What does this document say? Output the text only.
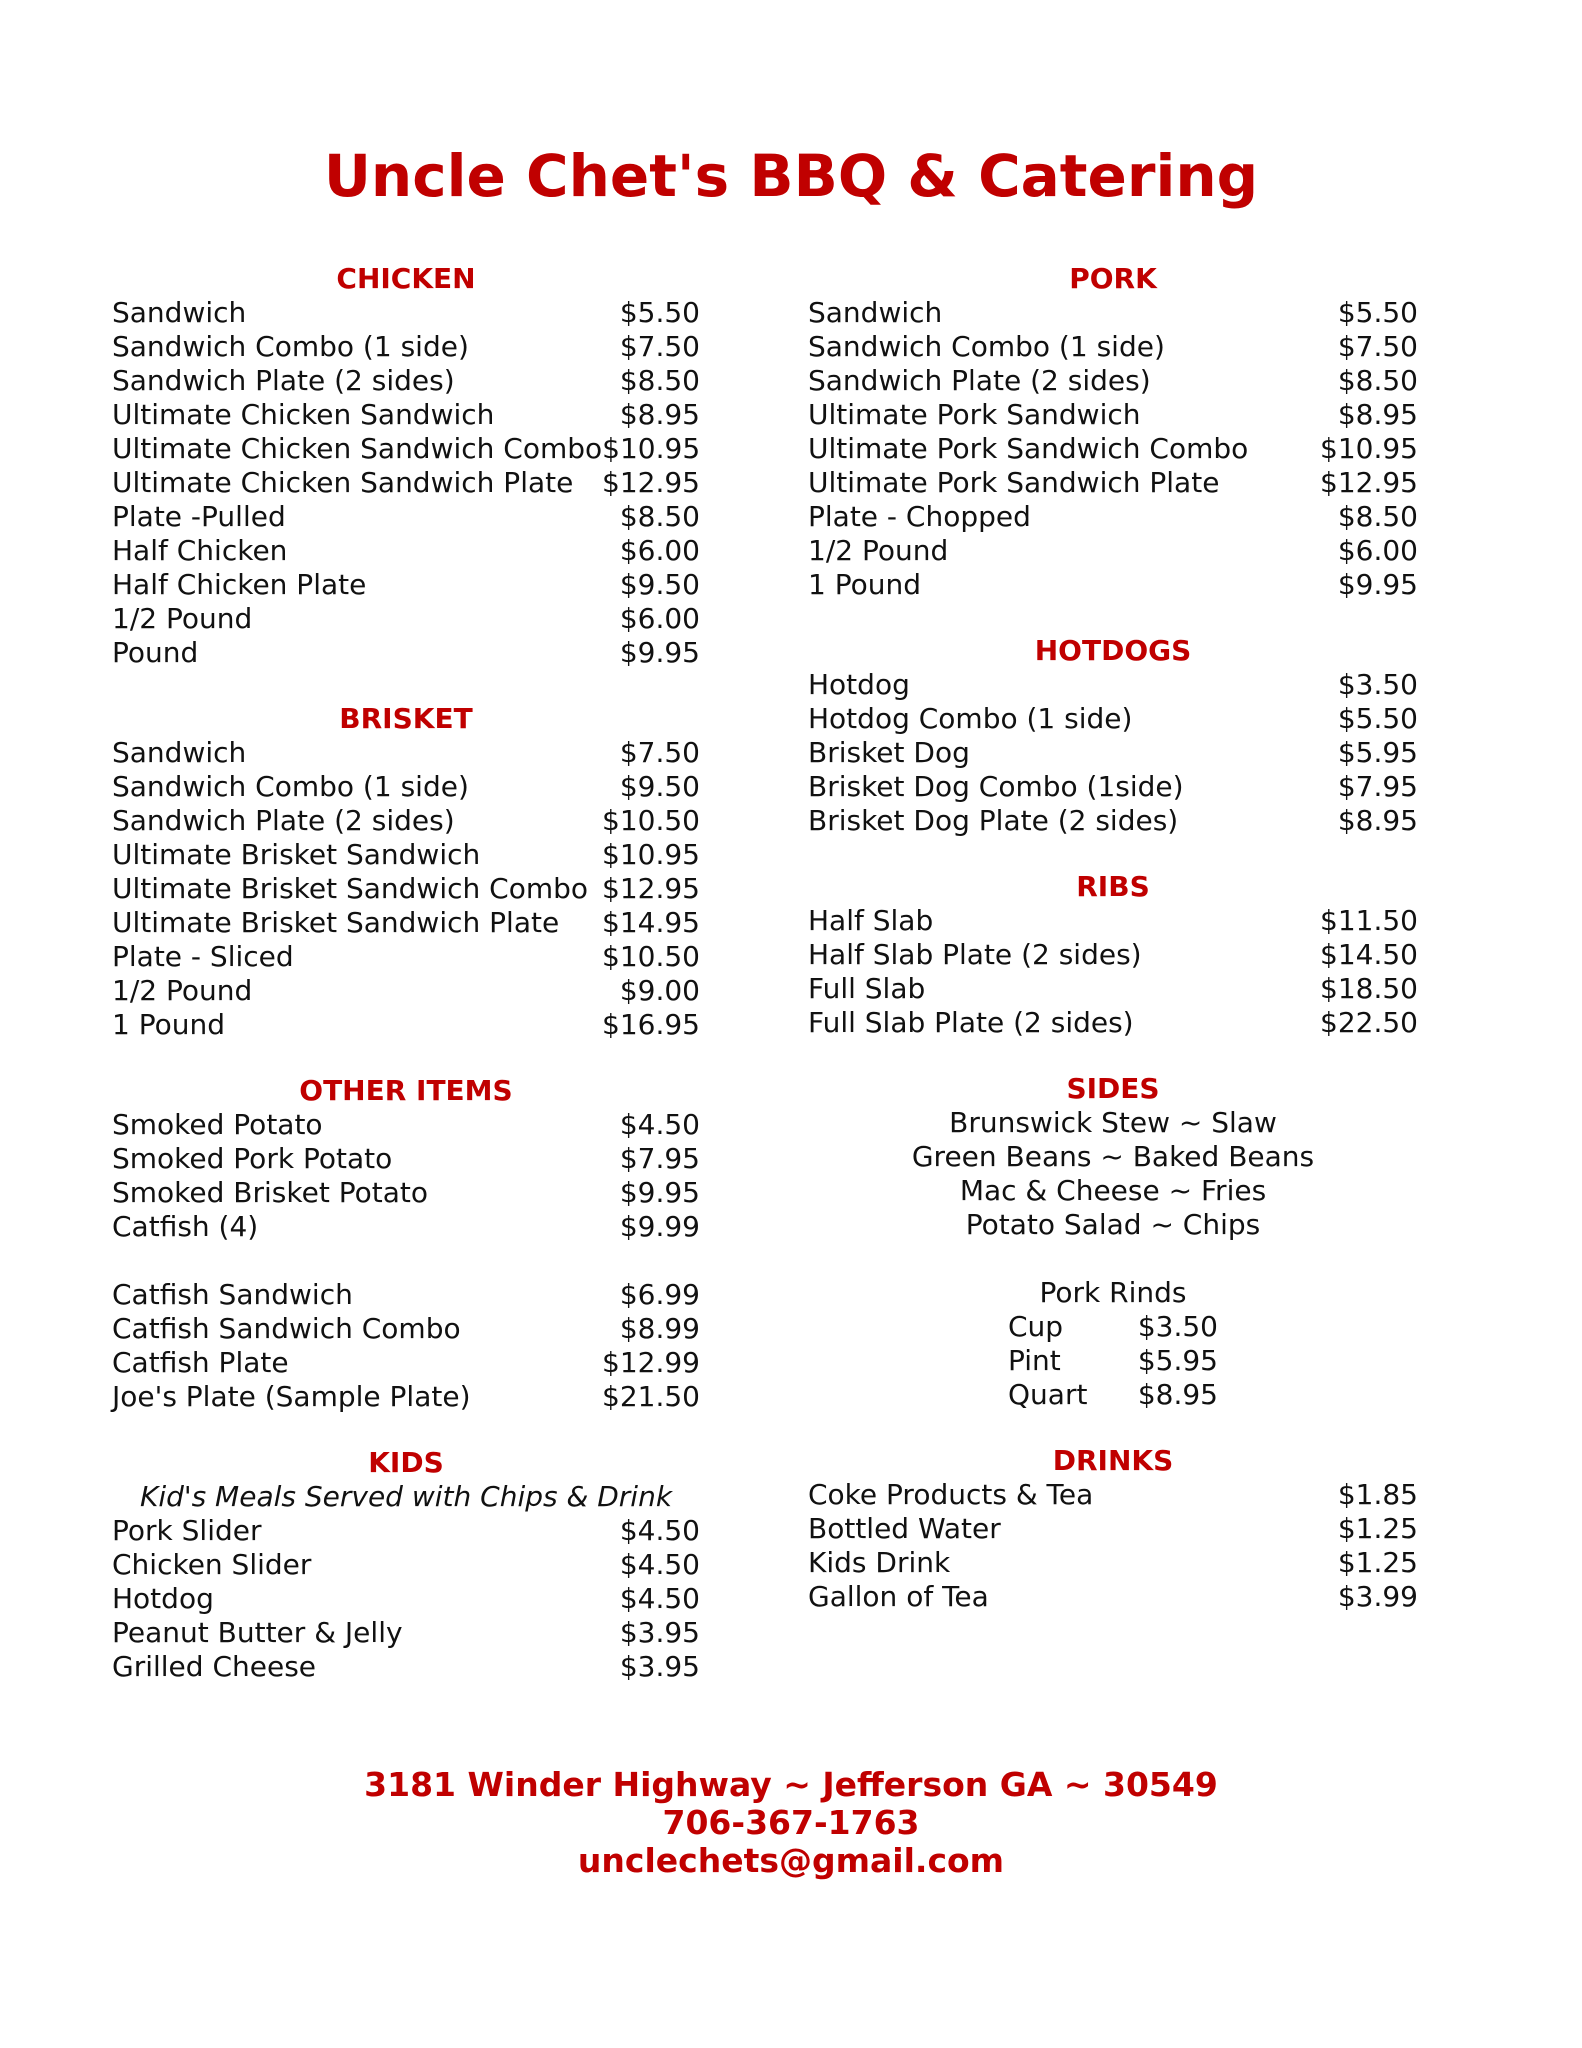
Uncle Chet's BBQ & Catering
CHICKEN
Sandwich	$5.50
Sandwich Combo (1 side)	$7.50
Sandwich Plate (2 sides)	$8.50
Ultimate Chicken Sandwich	$8.95
Ultimate Chicken Sandwich Combo $10.95
Ultimate Chicken Sandwich Plate	$12.95
Plate -Pulled	$8.50
Half Chicken	$6.00
Half Chicken Plate	$9.50
1/2 Pound	$6.00
Pound	$9.95
BRISKET
Sandwich	$7.50
Sandwich Combo (1 side)	$9.50
Sandwich Plate (2 sides)	$10.50
Ultimate Brisket Sandwich	$10.95
Ultimate Brisket Sandwich Combo $12.95
Ultimate Brisket Sandwich Plate	$14.95
Plate - Sliced	$10.50
1/2 Pound	$9.00
1 Pound	$16.95
OTHER ITEMS
Smoked Potato	$4.50
Smoked Pork Potato	$7.95
Smoked Brisket Potato	$9.95
Catfish (4)	$9.99
Catfish Sandwich	$6.99
Catfish Sandwich Combo	$8.99
Catfish Plate	$12.99
Joe's Plate (Sample Plate)	$21.50
KIDS
Kid's Meals Served with Chips & Drink
Pork Slider	$4.50
Chicken Slider	$4.50
Hotdog	$4.50
Peanut Butter & Jelly	$3.95
Grilled Cheese	$3.95
PORK
Sandwich	$5.50
Sandwich Combo (1 side)	$7.50
Sandwich Plate (2 sides)	$8.50
Ultimate Pork Sandwich	$8.95
Ultimate Pork Sandwich Combo	$10.95
Ultimate Pork Sandwich Plate	$12.95
Plate - Chopped	$8.50
1/2 Pound	$6.00
1 Pound	$9.95
HOTDOGS
Hotdog	$3.50
Hotdog Combo (1 side)	$5.50
Brisket Dog	$5.95
Brisket Dog Combo (1side)	$7.95
Brisket Dog Plate (2 sides)	$8.95
RIBS
Half Slab	$11.50
Half Slab Plate (2 sides)	$14.50
Full Slab	$18.50
Full Slab Plate (2 sides)	$22.50
SIDES
Brunswick Stew ~ Slaw
Green Beans ~ Baked Beans
Mac & Cheese ~ Fries
Potato Salad ~ Chips
Pork Rinds
Cup	$3.50
Pint	$5.95
Quart	$8.95
DRINKS
Coke Products & Tea	$1.85
Bottled Water	$1.25
Kids Drink	$1.25
Gallon of Tea	$3.99
3181 Winder Highway ~ Jefferson GA ~ 30549
706-367-1763
unclechets@gmail.com
